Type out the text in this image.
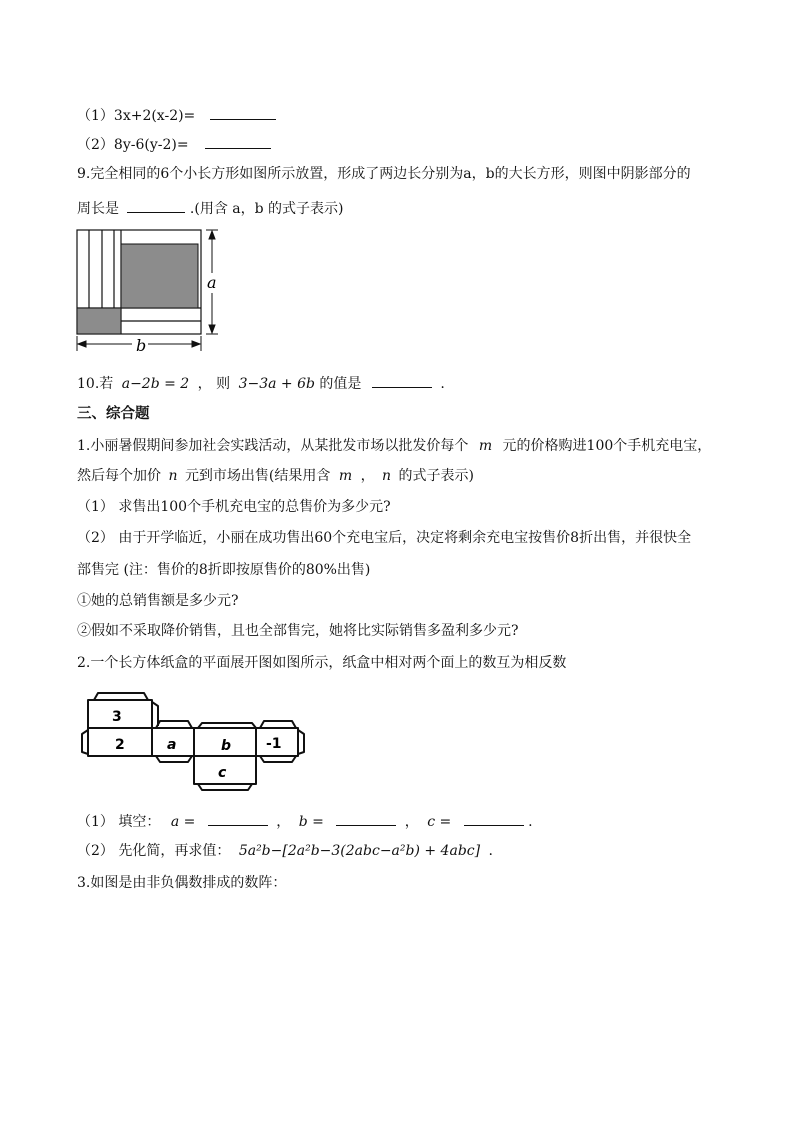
（1）3x+2(x-2)=
（2）8y-6(y-2)=
9.完全相同的6个小长方形如图所示放置，形成了两边长分别为a，b的大长方形，则图中阴影部分的
周长是	.(用含 a，b 的式子表示)
a
b
10.若 a−2b = 2 ， 则 3−3a + 6b 的值是	.
三、综合题
1.小丽暑假期间参加社会实践活动，从某批发市场以批发价每个 m 元的价格购进100个手机充电宝，
然后每个加价 n 元到市场出售(结果用含 m ， n 的式子表示)
（1） 求售出100个手机充电宝的总售价为多少元?
（2） 由于开学临近，小丽在成功售出60个充电宝后，决定将剩余充电宝按售价8折出售，并很快全
部售完 (注：售价的8折即按原售价的80%出售)
①她的总销售额是多少元?
②假如不采取降价销售，且也全部售完，她将比实际销售多盈利多少元?
2.一个长方体纸盒的平面展开图如图所示，纸盒中相对两个面上的数互为相反数
3
2	a	b -1
c
（1） 填空： a =	， b =	， c =	.
（2） 先化简，再求值： 5a²b−[2a²b−3(2abc−a²b) + 4abc] .
3.如图是由非负偶数排成的数阵：
